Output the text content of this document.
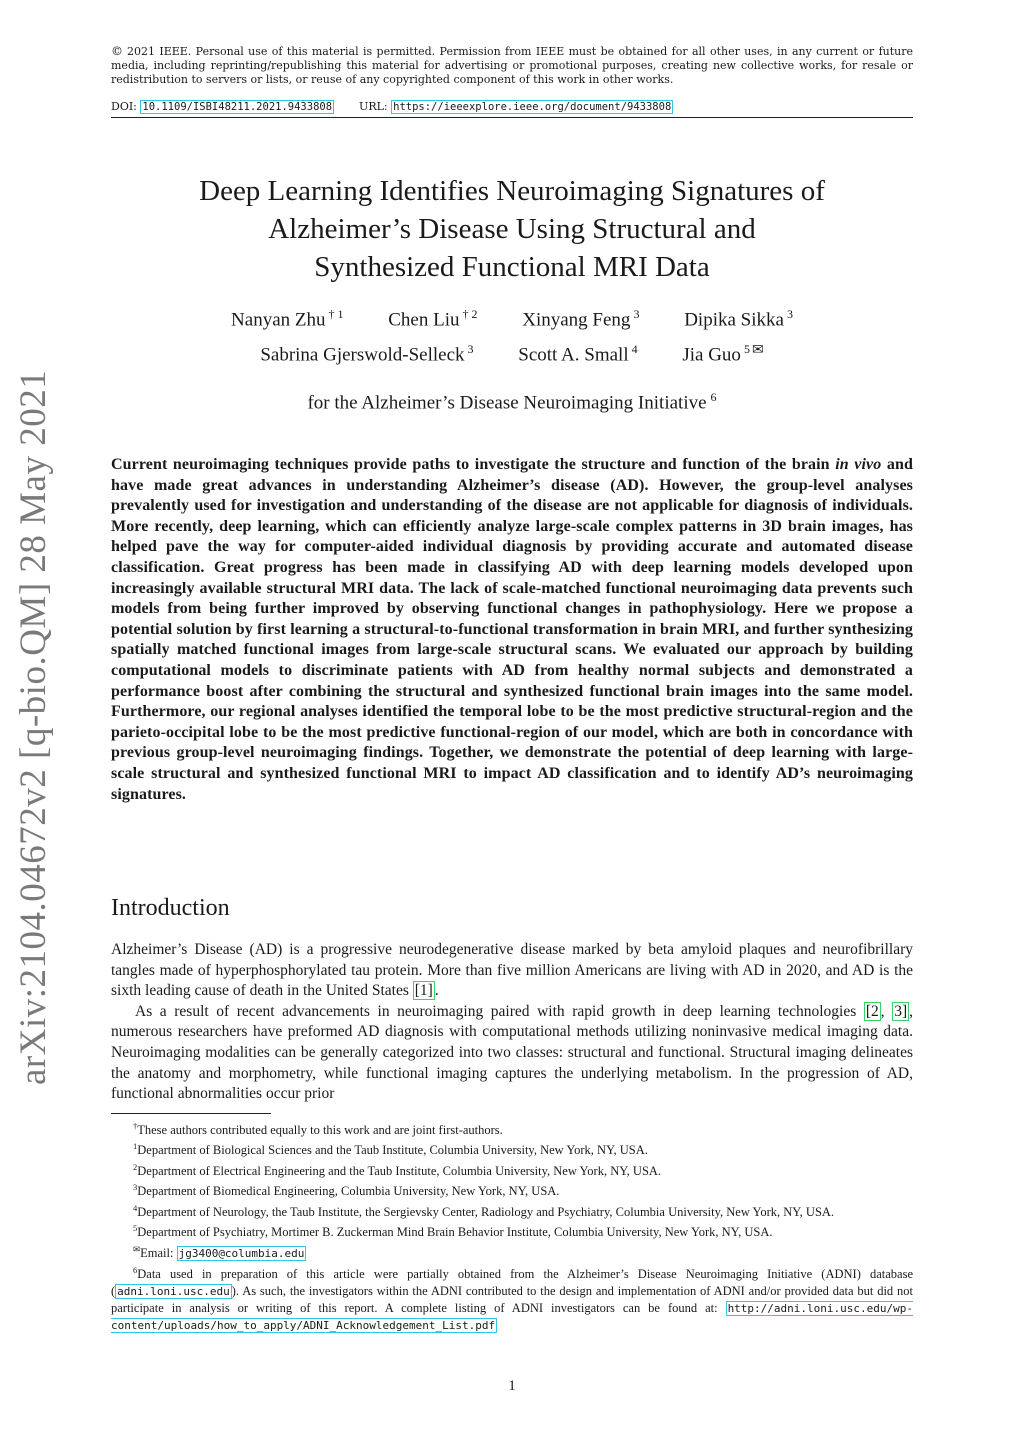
© 2021 IEEE. Personal use of this material is permitted. Permission from IEEE must be obtained for all other uses, in any current or future media, including reprinting/republishing this material for advertising or promotional purposes, creating new collective works, for resale or redistribution to servers or lists, or reuse of any copyrighted component of this work in other works.
DOI: 10.1109/ISBI48211.2021.9433808 URL: https://ieeexplore.ieee.org/document/9433808
arXiv:2104.04672v2 [q-bio.QM] 28 May 2021
Deep Learning Identifies Neuroimaging Signatures of
Alzheimer’s Disease Using Structural and
Synthesized Functional MRI Data
Nanyan Zhu $^{\dagger 1}$ Chen Liu $^{\dagger 2}$ Xinyang Feng $^3$ Dipika Sikka $^3$
Sabrina Gjerswold-Selleck $^3$ Scott A. Small $^4$ Jia Guo $^5$ ✉
for the Alzheimer’s Disease Neuroimaging Initiative $^6$

Current neuroimaging techniques provide paths to investigate the structure and function of the brain in vivo and have made great advances in understanding Alzheimer’s disease (AD). However, the group-level analyses prevalently used for investigation and understanding of the disease are not applicable for diagnosis of individuals. More recently, deep learning, which can efficiently analyze large-scale complex patterns in 3D brain images, has helped pave the way for computer-aided individual diagnosis by providing accurate and automated disease classification. Great progress has been made in classifying AD with deep learning models developed upon increasingly available structural MRI data. The lack of scale-matched functional neuroimaging data prevents such models from being further improved by observing functional changes in pathophysiology. Here we propose a potential solution by first learning a structural-to-functional transformation in brain MRI, and further synthesizing spatially matched functional images from large-scale structural scans. We evaluated our approach by building computational models to discriminate patients with AD from healthy normal subjects and demonstrated a performance boost after combining the structural and synthesized functional brain images into the same model. Furthermore, our regional analyses identified the temporal lobe to be the most predictive structural-region and the parieto-occipital lobe to be the most predictive functional-region of our model, which are both in concordance with previous group-level neuroimaging findings. Together, we demonstrate the potential of deep learning with large-scale structural and synthesized functional MRI to impact AD classification and to identify AD’s neuroimaging signatures.

Introduction

Alzheimer’s Disease (AD) is a progressive neurodegenerative disease marked by beta amyloid plaques and neurofibrillary tangles made of hyperphosphorylated tau protein. More than five million Americans are living with AD in 2020, and AD is the sixth leading cause of death in the United States [1] .

As a result of recent advancements in neuroimaging paired with rapid growth in deep learning technologies [2 , 3] , numerous researchers have preformed AD diagnosis with computational methods utilizing noninvasive medical imaging data. Neuroimaging modalities can be generally categorized into two classes: structural and functional. Structural imaging delineates the anatomy and morphometry, while functional imaging captures the underlying metabolism. In the progression of AD, functional abnormalities occur prior

†These authors contributed equally to this work and are joint first-authors.

$^1$Department of Biological Sciences and the Taub Institute, Columbia University, New York, NY, USA.

$^2$Department of Electrical Engineering and the Taub Institute, Columbia University, New York, NY, USA.

$^3$Department of Biomedical Engineering, Columbia University, New York, NY, USA.

$^4$Department of Neurology, the Taub Institute, the Sergievsky Center, Radiology and Psychiatry, Columbia University, New York, NY, USA.

$^5$Department of Psychiatry, Mortimer B. Zuckerman Mind Brain Behavior Institute, Columbia University, New York, NY, USA.

✉Email: jg3400@columbia.edu

$^6$Data used in preparation of this article were partially obtained from the Alzheimer’s Disease Neuroimaging Initiative (ADNI) database ( adni.loni.usc.edu ). As such, the investigators within the ADNI contributed to the design and implementation of ADNI and/or provided data but did not participate in analysis or writing of this report. A complete listing of ADNI investigators can be found at: http://adni.loni.usc.edu/wp-content/uploads/how_to_apply/ADNI_Acknowledgement_List.pdf

1
